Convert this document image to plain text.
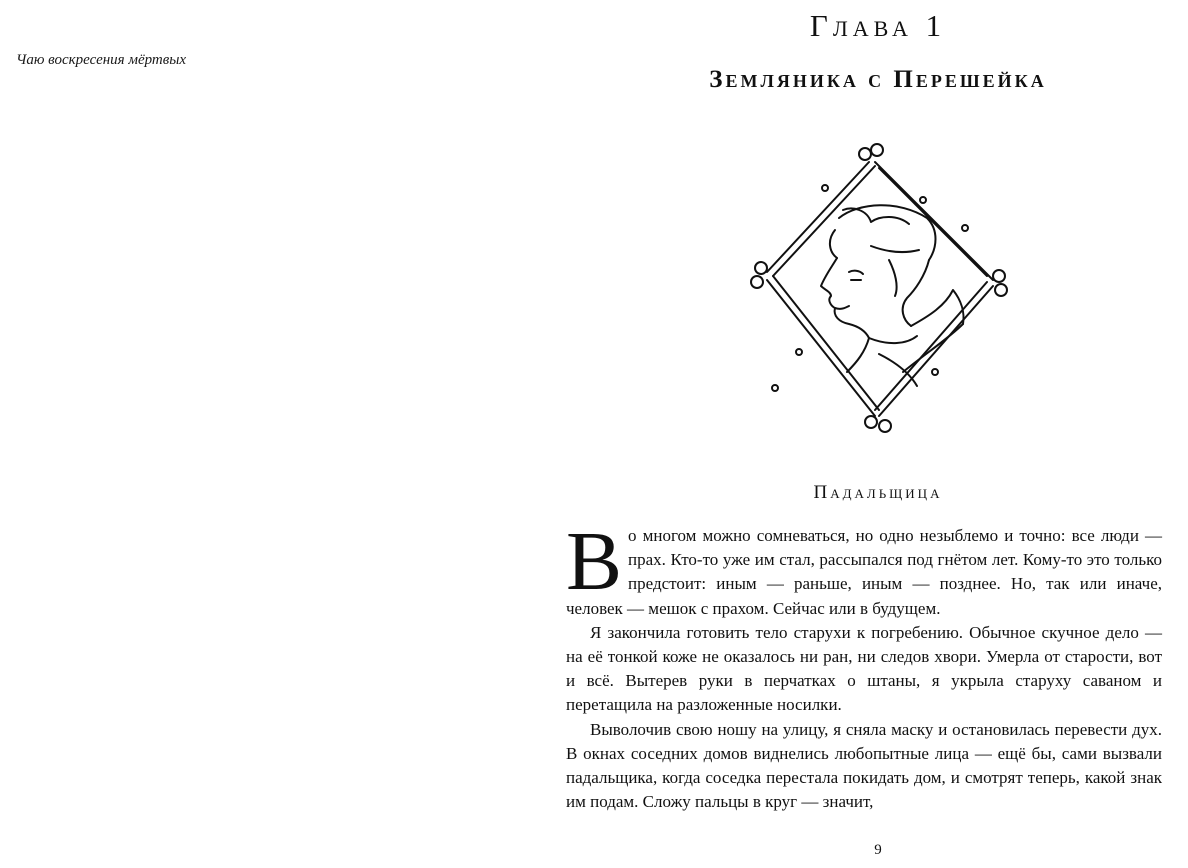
Чаю воскресения мёртвых
Глава 1
Земляника с Перешейка
Падальщица

Во многом можно сомневаться, но одно незыблемо и точно: все люди — прах. Кто-то уже им стал, рассыпался под гнётом лет. Кому-то это только предстоит: иным — раньше, иным — позднее. Но, так или иначе, человек — мешок с прахом. Сейчас или в будущем.

Я закончила готовить тело старухи к погребению. Обычное скучное дело — на её тонкой коже не оказалось ни ран, ни следов хвори. Умерла от старости, вот и всё. Вытерев руки в перчатках о штаны, я укрыла старуху саваном и перетащила на разложенные носилки.

Выволочив свою ношу на улицу, я сняла маску и остановилась перевести дух. В окнах соседних домов виднелись любопытные лица — ещё бы, сами вызвали падальщика, когда соседка перестала покидать дом, и смотрят теперь, какой знак им подам. Сложу пальцы в круг — значит,

9
